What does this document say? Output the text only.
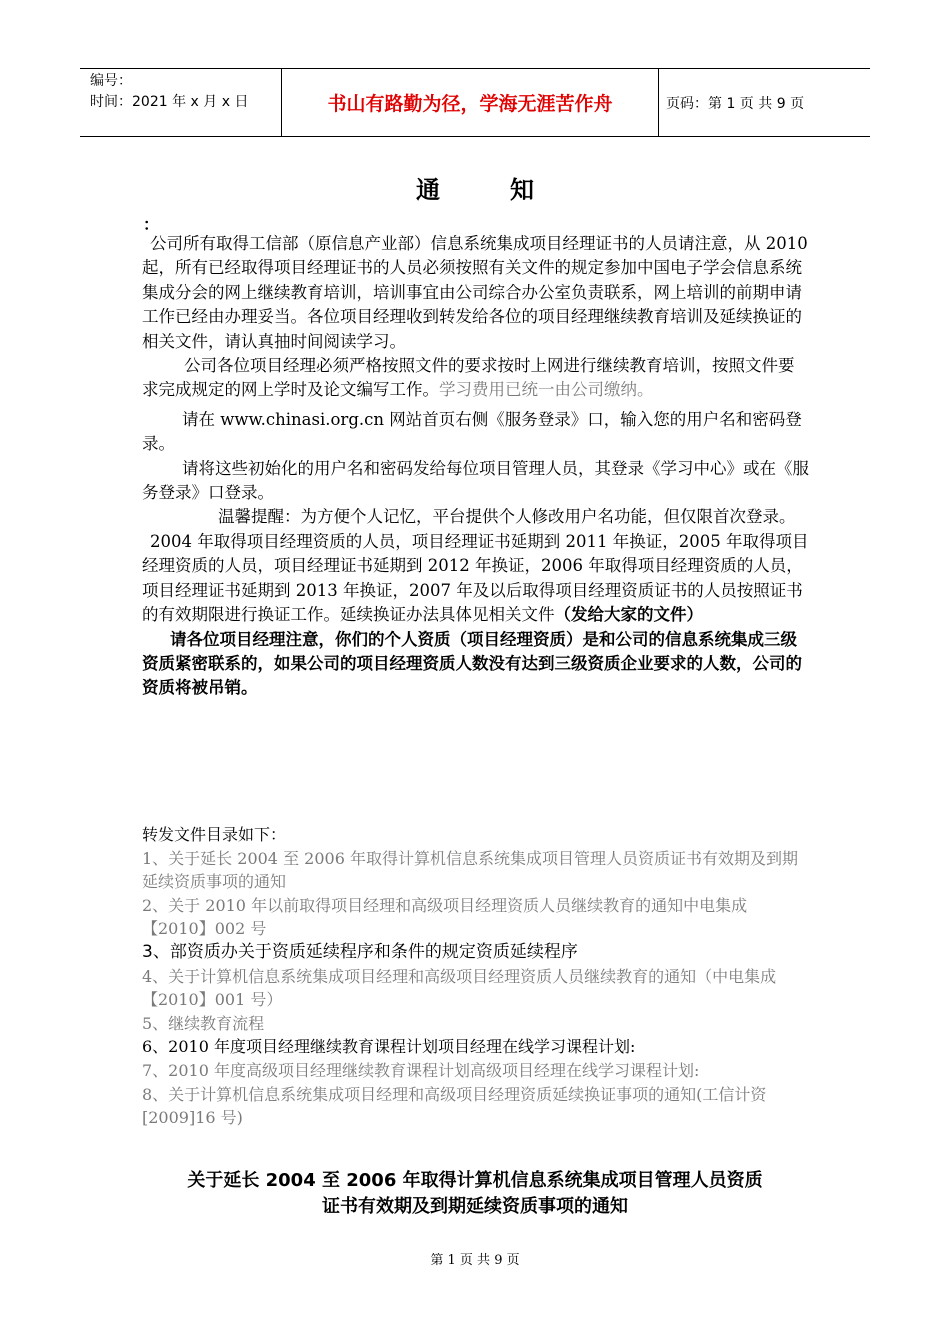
编号：
时间：2021 年 x 月 x 日	书山有路勤为径，学海无涯苦作舟	页码：第 1 页 共 9 页
通知
：

公司所有取得工信部（原信息产业部）信息系统集成项目经理证书的人员请注意，从 2010 起，所有已经取得项目经理证书的人员必须按照有关文件的规定参加中国电子学会信息系统集成分会的网上继续教育培训，培训事宜由公司综合办公室负责联系，网上培训的前期申请工作已经由办理妥当。各位项目经理收到转发给各位的项目经理继续教育培训及延续换证的相关文件，请认真抽时间阅读学习。

公司各位项目经理必须严格按照文件的要求按时上网进行继续教育培训，按照文件要求完成规定的网上学时及论文编写工作。学习费用已统一由公司缴纳。

请在 www.chinasi.org.cn 网站首页右侧《服务登录》口，输入您的用户名和密码登录。

请将这些初始化的用户名和密码发给每位项目管理人员，其登录《学习中心》或在《服务登录》口登录。

温馨提醒：为方便个人记忆，平台提供个人修改用户名功能，但仅限首次登录。

2004 年取得项目经理资质的人员，项目经理证书延期到 2011 年换证，2005 年取得项目经理资质的人员，项目经理证书延期到 2012 年换证，2006 年取得项目经理资质的人员，项目经理证书延期到 2013 年换证，2007 年及以后取得项目经理资质证书的人员按照证书的有效期限进行换证工作。延续换证办法具体见相关文件（发给大家的文件）

请各位项目经理注意，你们的个人资质（项目经理资质）是和公司的信息系统集成三级资质紧密联系的，如果公司的项目经理资质人数没有达到三级资质企业要求的人数，公司的资质将被吊销。

转发文件目录如下：
1、关于延长 2004 至 2006 年取得计算机信息系统集成项目管理人员资质证书有效期及到期延续资质事项的通知
2、关于 2010 年以前取得项目经理和高级项目经理资质人员继续教育的通知中电集成【2010】002 号
3、部资质办关于资质延续程序和条件的规定资质延续程序
4、关于计算机信息系统集成项目经理和高级项目经理资质人员继续教育的通知（中电集成【2010】001 号）
5、继续教育流程
6、2010 年度项目经理继续教育课程计划项目经理在线学习课程计划:
7、2010 年度高级项目经理继续教育课程计划高级项目经理在线学习课程计划:
8、关于计算机信息系统集成项目经理和高级项目经理资质延续换证事项的通知(工信计资[2009]16 号)
关于延长 2004 至 2006 年取得计算机信息系统集成项目管理人员资质
证书有效期及到期延续资质事项的通知
第 1 页 共 9 页
